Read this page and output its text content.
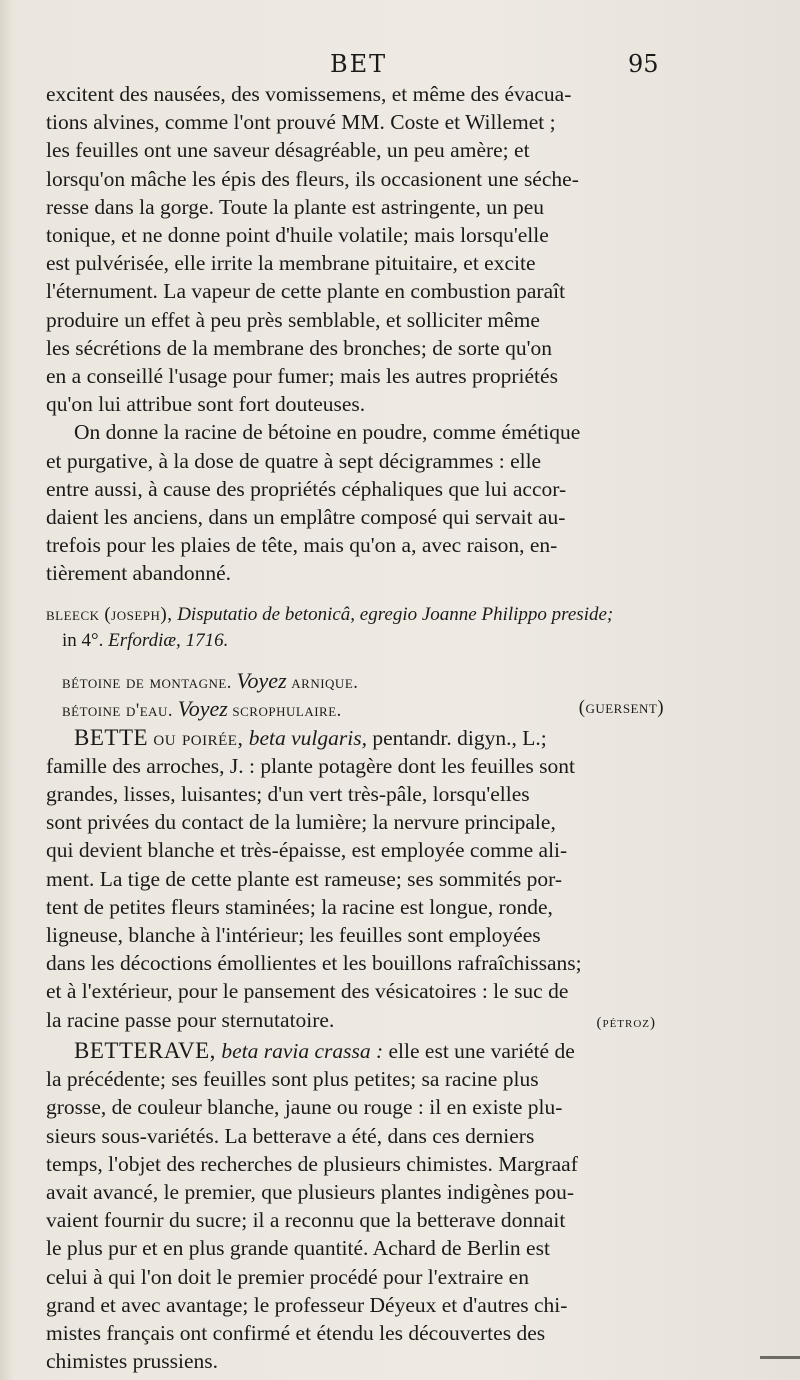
BET	95
excitent des nausées, des vomissemens, et même des évacua-
tions alvines, comme l'ont prouvé MM. Coste et Willemet ;
les feuilles ont une saveur désagréable, un peu amère; et
lorsqu'on mâche les épis des fleurs, ils occasionent une séche-
resse dans la gorge. Toute la plante est astringente, un peu
tonique, et ne donne point d'huile volatile; mais lorsqu'elle
est pulvérisée, elle irrite la membrane pituitaire, et excite
l'éternument. La vapeur de cette plante en combustion paraît
produire un effet à peu près semblable, et solliciter même
les sécrétions de la membrane des bronches; de sorte qu'on
en a conseillé l'usage pour fumer; mais les autres propriétés
qu'on lui attribue sont fort douteuses.
On donne la racine de bétoine en poudre, comme émétique
et purgative, à la dose de quatre à sept décigrammes : elle
entre aussi, à cause des propriétés céphaliques que lui accor-
daient les anciens, dans un emplâtre composé qui servait au-
trefois pour les plaies de tête, mais qu'on a, avec raison, en-
tièrement abandonné.
bleeck (joseph), Disputatio de betonicâ, egregio Joanne Philippo preside;
in 4°. Erfordiæ, 1716.
bétoine de montagne. Voyez arnique.
bétoine d'eau. Voyez scrophulaire.	(guersent)
BETTE ou poirée, beta vulgaris, pentandr. digyn., L.;
famille des arroches, J. : plante potagère dont les feuilles sont
grandes, lisses, luisantes; d'un vert très-pâle, lorsqu'elles
sont privées du contact de la lumière; la nervure principale,
qui devient blanche et très-épaisse, est employée comme ali-
ment. La tige de cette plante est rameuse; ses sommités por-
tent de petites fleurs staminées; la racine est longue, ronde,
ligneuse, blanche à l'intérieur; les feuilles sont employées
dans les décoctions émollientes et les bouillons rafraîchissans;
et à l'extérieur, pour le pansement des vésicatoires : le suc de
la racine passe pour sternutatoire.	(pétroz)
BETTERAVE, beta ravia crassa : elle est une variété de
la précédente; ses feuilles sont plus petites; sa racine plus
grosse, de couleur blanche, jaune ou rouge : il en existe plu-
sieurs sous-variétés. La betterave a été, dans ces derniers
temps, l'objet des recherches de plusieurs chimistes. Margraaf
avait avancé, le premier, que plusieurs plantes indigènes pou-
vaient fournir du sucre; il a reconnu que la betterave donnait
le plus pur et en plus grande quantité. Achard de Berlin est
celui à qui l'on doit le premier procédé pour l'extraire en
grand et avec avantage; le professeur Déyeux et d'autres chi-
mistes français ont confirmé et étendu les découvertes des
chimistes prussiens.
